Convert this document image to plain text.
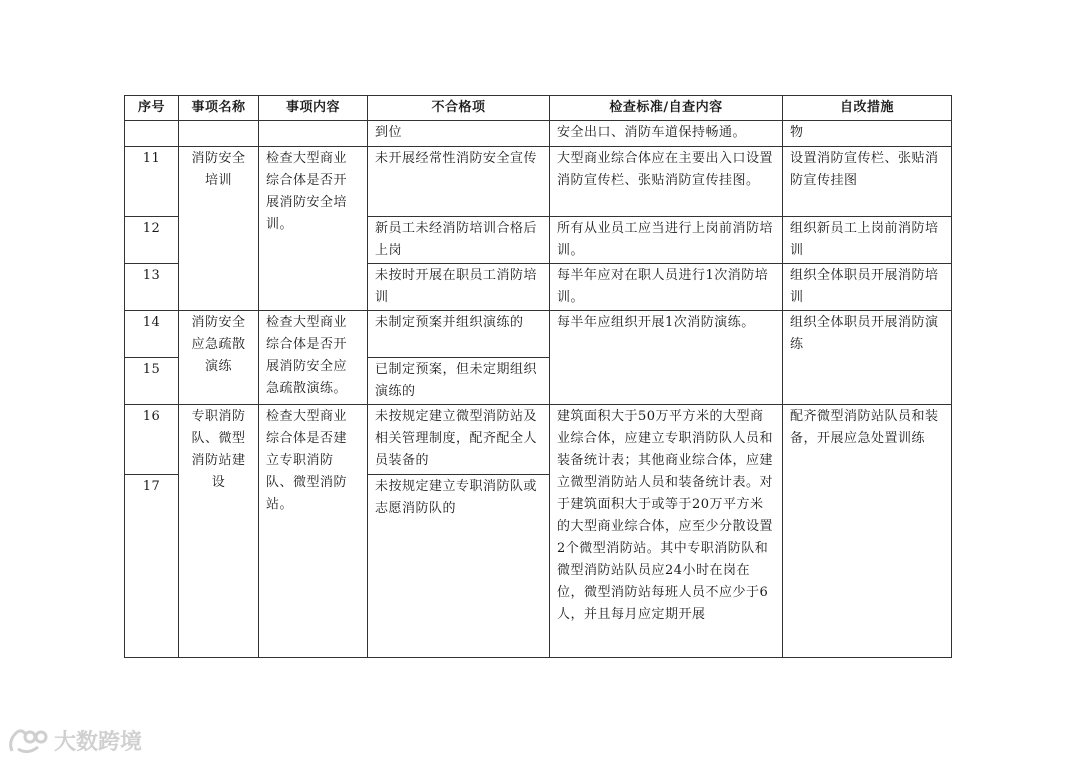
序号	事项名称	事项内容	不合格项	检查标准/自查内容	自改措施
			到位	安全出口、消防车道保持畅通。	物
11	消防安全培训	检查大型商业综合体是否开展消防安全培训。	未开展经常性消防安全宣传	大型商业综合体应在主要出入口设置消防宣传栏、张贴消防宣传挂图。	设置消防宣传栏、张贴消防宣传挂图
12			新员工未经消防培训合格后上岗	所有从业员工应当进行上岗前消防培训。	组织新员工上岗前消防培训
13			未按时开展在职员工消防培训	每半年应对在职人员进行1次消防培训。	组织全体职员开展消防培训
14	消防安全应急疏散演练	检查大型商业综合体是否开展消防安全应急疏散演练。	未制定预案并组织演练的	每半年应组织开展1次消防演练。	组织全体职员开展消防演练
15			已制定预案，但未定期组织演练的		
16	专职消防队、微型消防站建设	检查大型商业综合体是否建立专职消防队、微型消防站。	未按规定建立微型消防站及相关管理制度，配齐配全人员装备的	建筑面积大于50万平方米的大型商业综合体，应建立专职消防队人员和装备统计表；其他商业综合体，应建立微型消防站人员和装备统计表。对于建筑面积大于或等于20万平方米的大型商业综合体，应至少分散设置2个微型消防站。其中专职消防队和微型消防站队员应24小时在岗在位，微型消防站每班人员不应少于6人，并且每月应定期开展	配齐微型消防站队员和装备，开展应急处置训练
17			未按规定建立专职消防队或志愿消防队的		
大数跨境
